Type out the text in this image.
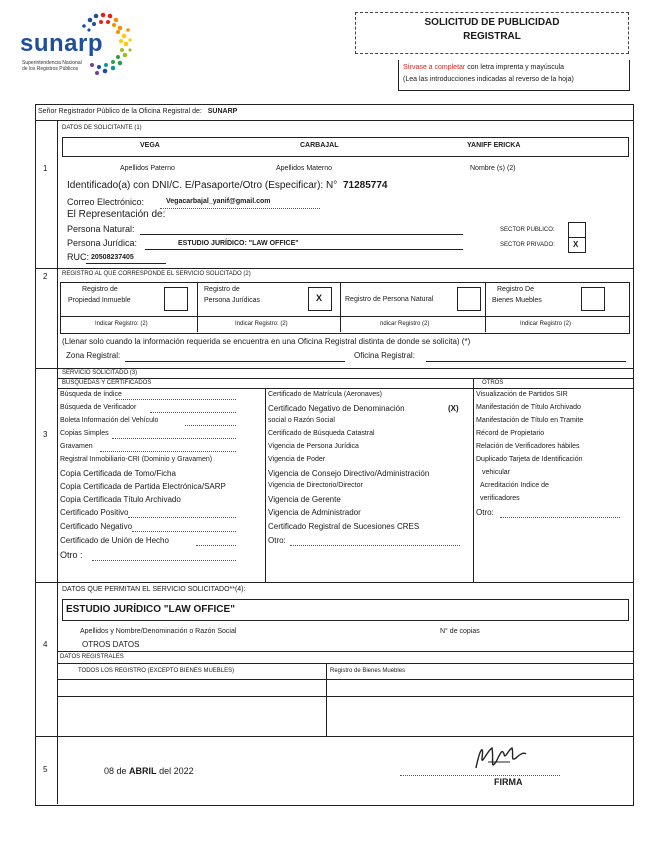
sunarp
Superintendencia Nacional
de los Registros Públicos
SOLICITUD DE PUBLICIDAD
REGISTRAL
Sírvase a completar con letra imprenta y mayúscula
(Lea las introducciones indicadas al reverso de la hoja)
Señor Registrador Público de la Oficina Registral de: SUNARP
1
DATOS DE SOLICITANTE (1)
VEGA	CARBAJAL	YANIFF ERICKA
Apellidos Paterno	Apellidos Materno	Nombre (s) (2)
Identificado(a) con DNI/C. E/Pasaporte/Otro (Especificar): N° 71285774
Correo Electrónico:	Vegacarbajal_yanif@gmail.com
El Representación de:
Persona Natural:
Persona Jurídica:	ESTUDIO JURÍDICO: "LAW OFFICE"
RUC: 20508237405
SECTOR PUBLICO:
SECTOR PRIVADO: X
2 REGISTRO AL QUE CORRESPONDE EL SERVICIO SOLICITADO (2)
Registro de
Propiedad Inmueble
Registro de
Persona Jurídicas	X	Registro de Persona Natural
Registro De
Bienes Muebles
Indicar Registro: (2)	Indicar Registro: (2)	ndicar Registro (2)	Indicar Registro (2)
(Llenar solo cuando la información requerida se encuentra en una Oficina Registral distinta de donde se solicita) (*)
Zona Registral:	Oficina Registral:
3
SERVICIO SOLICITADO (3)
BÚSQUEDAS Y CERTIFICADOS	OTROS
Búsqueda de índice
Búsqueda de Verificador
Boleta Información del Vehículo
Copias Simples
Gravamen
Registral Inmobiliario-CRI (Dominio y Gravamen)
Copia Certificada de Tomo/Ficha
Copia Certificada de Partida Electrónica/SARP
Copia Certificada Título Archivado
Certificado Positivo
Certificado Negativo
Certificado de Unión de Hecho
Otro :
Certificado de Matrícula (Aeronaves)
Certificado Negativo de Denominación	(X)
social o Razón Social
Certificado de Búsqueda Catastral
Vigencia de Persona Jurídica
Vigencia de Poder
Vigencia de Consejo Directivo/Administración
Vigencia de Directorio/Director
Vigencia de Gerente
Vigencia de Administrador
Certificado Registral de Sucesiones CRES
Otro:
Visualización de Partidos SIR
Manifestación de Título Archivado
Manifestación de Título en Tramite
Récord de Propietario
Relación de Verificadores hábiles
Duplicado Tarjeta de Identificación
vehicular
Acreditación Indice de
verificadores
Otro:
4
DATOS QUE PERMITAN EL SERVICIO SOLICITADO**(4):
ESTUDIO JURÍDICO "LAW OFFICE"
Apellidos y Nombre/Denominación o Razón Social	N° de copias
OTROS DATOS
DATOS REGISTRALES
TODOS LOS REGISTRO (EXCEPTO BIENES MUEBLES)	Registro de Bienes Muebles
5	08 de ABRIL del 2022
FIRMA
